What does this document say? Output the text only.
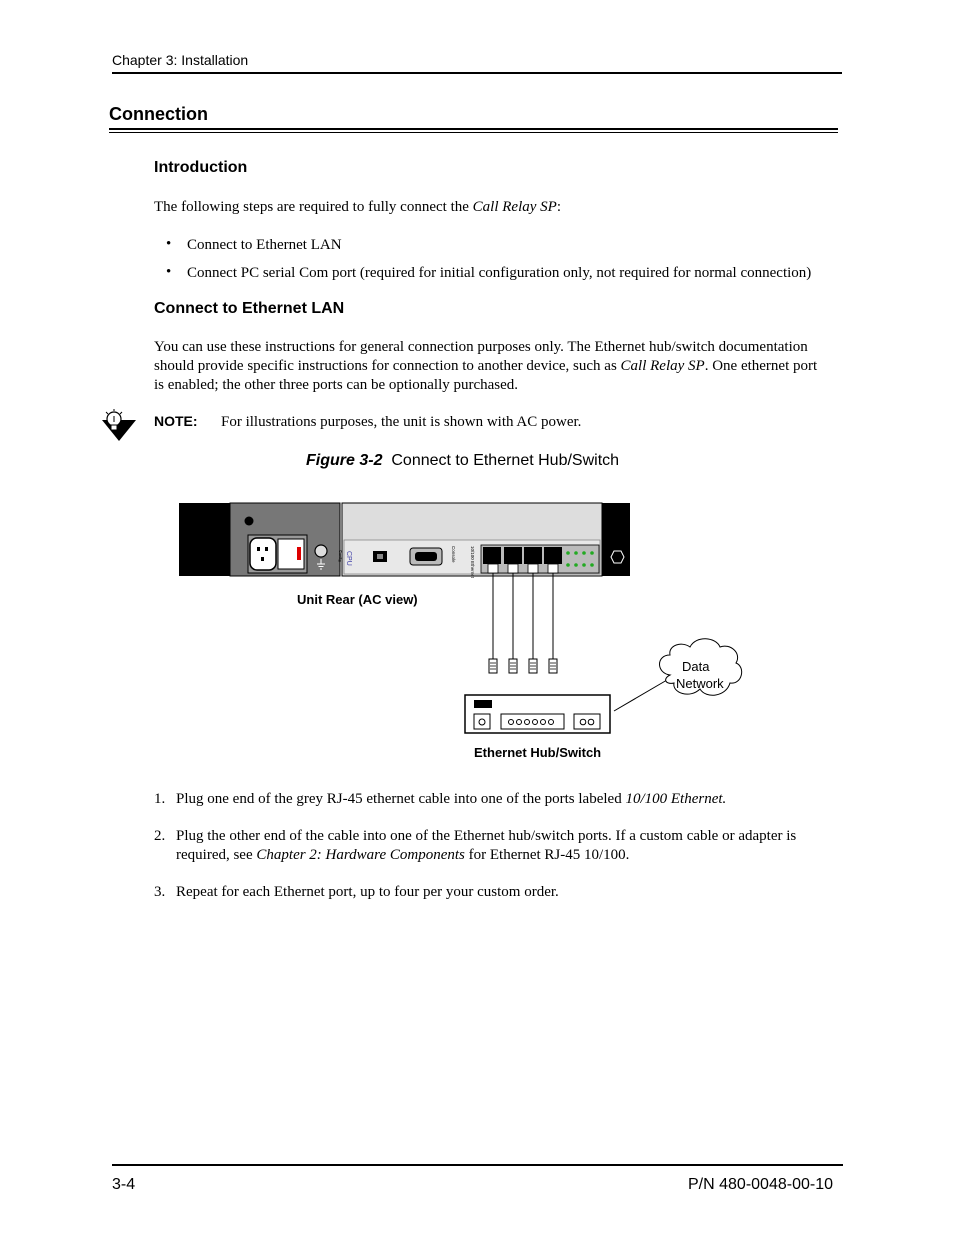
Chapter 3: Installation
Connection
Introduction
The following steps are required to fully connect the Call Relay SP:
• Connect to Ethernet LAN
• Connect PC serial Com port (required for initial configuration only, not required for normal connection)
Connect to Ethernet LAN
You can use these instructions for general connection purposes only. The Ethernet hub/switch documentation
should provide specific instructions for connection to another device, such as Call Relay SP. One ethernet port
is enabled; the other three ports can be optionally purchased.
NOTE: For illustrations purposes, the unit is shown with AC power.
Figure 3-2 Connect to Ethernet Hub/Switch
CPU
Config	Console	10/100 Ethernet
Unit Rear (AC view)
Ethernet Hub/Switch
Data
Network
1. Plug one end of the grey RJ-45 ethernet cable into one of the ports labeled 10/100 Ethernet.
2. Plug the other end of the cable into one of the Ethernet hub/switch ports. If a custom cable or adapter is
required, see Chapter 2: Hardware Components for Ethernet RJ-45 10/100.
3. Repeat for each Ethernet port, up to four per your custom order.
3-4	P/N 480-0048-00-10
